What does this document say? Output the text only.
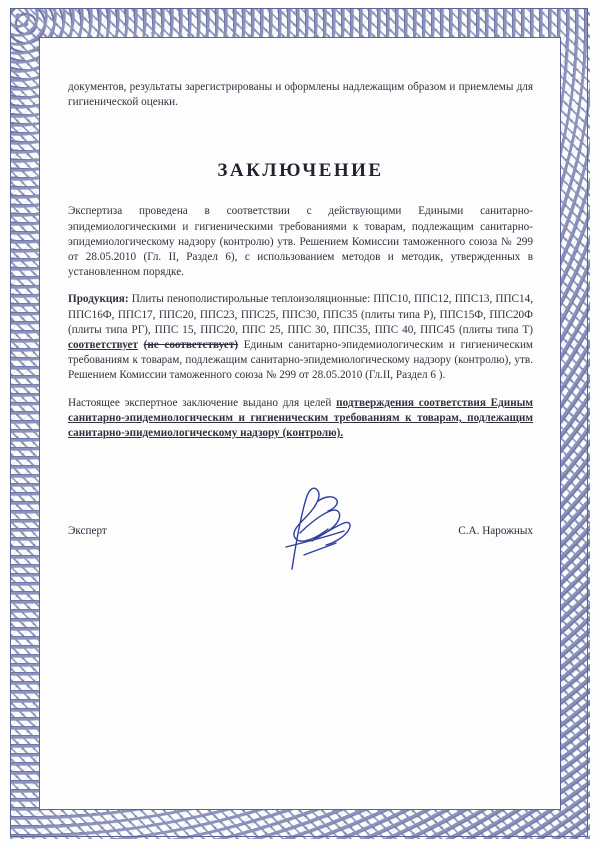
документов, результаты зарегистрированы и оформлены надлежащим образом и приемлемы для гигиенической оценки.

ЗАКЛЮЧЕНИЕ

Экспертиза проведена в соответствии с действующими Едиными санитарно-эпидемиологическими и гигиеническими требованиями к товарам, подлежащим санитарно-эпидемиологическому надзору (контролю) утв. Решением Комиссии таможенного союза № 299 от 28.05.2010 (Гл. II, Раздел 6), с использованием методов и методик, утвержденных в установленном порядке.

Продукция: Плиты пенополистирольные теплоизоляционные: ППС10, ППС12, ППС13, ППС14, ППС16Ф, ППС17, ППС20, ППС23, ППС25, ППС30, ППС35 (плиты типа Р), ППС15Ф, ППС20Ф (плиты типа РГ), ППС 15, ППС20, ППС 25, ППС 30, ППС35, ППС 40, ППС45 (плиты типа Т) соответствует (не соответствует) Единым санитарно-эпидемиологическим и гигиеническим требованиям к товарам, подлежащим санитарно-эпидемиологическому надзору (контролю), утв. Решением Комиссии таможенного союза № 299 от 28.05.2010 (Гл.II, Раздел 6 ).

Настоящее экспертное заключение выдано для целей подтверждения соответствия Единым санитарно-эпидемиологическим и гигиеническим требованиям к товарам, подлежащим санитарно-эпидемиологическому надзору (контролю).

Эксперт	С.А. Нарожных
